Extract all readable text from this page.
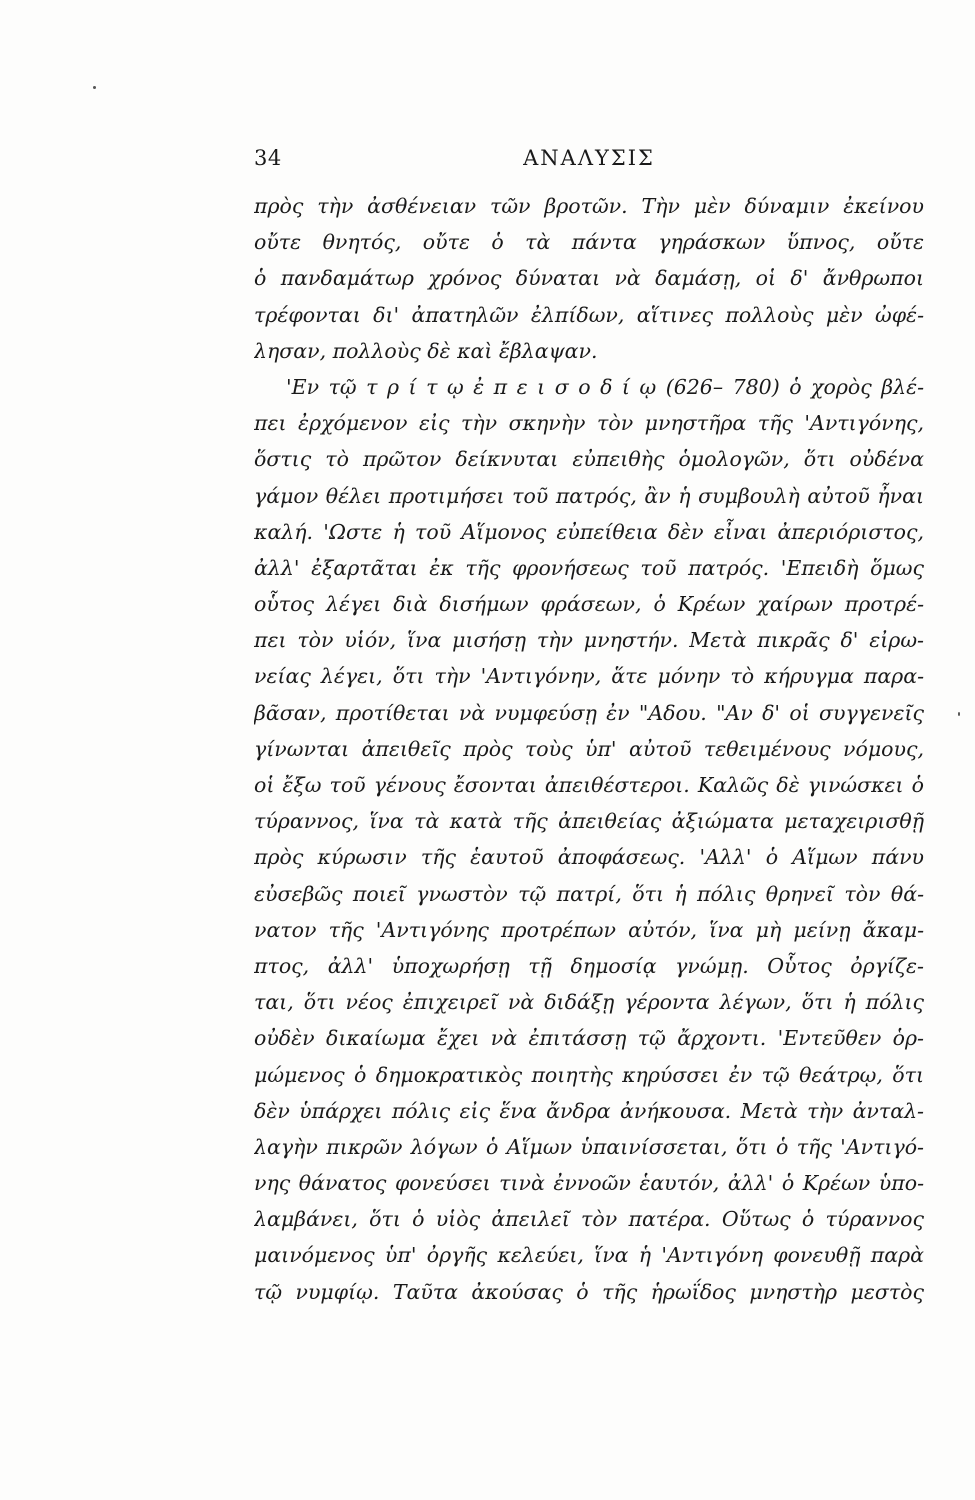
34	ΑΝΑΛΥΣΙΣ
πρὸς τὴν ἀσθένειαν τῶν βροτῶν. Τὴν μὲν δύναμιν ἐκείνου
οὔτε θνητός, οὔτε ὁ τὰ πάντα γηράσκων ὕπνος, οὔτε
ὁ πανδαμάτωρ χρόνος δύναται νὰ δαμάσῃ, οἱ δ' ἄνθρωποι
τρέφονται δι' ἀπατηλῶν ἐλπίδων, αἵτινες πολλοὺς μὲν ὠφέ-
λησαν, πολλοὺς δὲ καὶ ἔβλαψαν.
'Εν τῷ τ ρ ί τ ῳ ἐ π ε ι σ ο δ ί ῳ (626– 780) ὁ χορὸς βλέ-
πει ἐρχόμενον εἰς τὴν σκηνὴν τὸν μνηστῆρα τῆς 'Αντιγόνης,
ὅστις τὸ πρῶτον δείκνυται εὐπειθὴς ὁμολογῶν, ὅτι οὐδένα
γάμον θέλει προτιμήσει τοῦ πατρός, ἂν ἡ συμβουλὴ αὐτοῦ ἦναι
καλή. 'Ωστε ἡ τοῦ Αἵμονος εὐπείθεια δὲν εἶναι ἀπεριόριστος,
ἀλλ' ἐξαρτᾶται ἐκ τῆς φρονήσεως τοῦ πατρός. 'Επειδὴ ὅμως
οὗτος λέγει διὰ δισήμων φράσεων, ὁ Κρέων χαίρων προτρέ-
πει τὸν υἱόν, ἵνα μισήσῃ τὴν μνηστήν. Μετὰ πικρᾶς δ' εἰρω-
νείας λέγει, ὅτι τὴν 'Αντιγόνην, ἅτε μόνην τὸ κήρυγμα παρα-
βᾶσαν, προτίθεται νὰ νυμφεύσῃ ἐν "Αδου. "Αν δ' οἱ συγγενεῖς
γίνωνται ἀπειθεῖς πρὸς τοὺς ὑπ' αὐτοῦ τεθειμένους νόμους,
οἱ ἔξω τοῦ γένους ἔσονται ἀπειθέστεροι. Καλῶς δὲ γινώσκει ὁ
τύραννος, ἵνα τὰ κατὰ τῆς ἀπειθείας ἀξιώματα μεταχειρισθῇ
πρὸς κύρωσιν τῆς ἑαυτοῦ ἀποφάσεως. 'Αλλ' ὁ Αἵμων πάνυ
εὐσεβῶς ποιεῖ γνωστὸν τῷ πατρί, ὅτι ἡ πόλις θρηνεῖ τὸν θά-
νατον τῆς 'Αντιγόνης προτρέπων αὐτόν, ἵνα μὴ μείνῃ ἄκαμ-
πτος, ἀλλ' ὑποχωρήσῃ τῇ δημοσίᾳ γνώμῃ. Οὗτος ὀργίζε-
ται, ὅτι νέος ἐπιχειρεῖ νὰ διδάξῃ γέροντα λέγων, ὅτι ἡ πόλις
οὐδὲν δικαίωμα ἔχει νὰ ἐπιτάσσῃ τῷ ἄρχοντι. 'Εντεῦθεν ὁρ-
μώμενος ὁ δημοκρατικὸς ποιητὴς κηρύσσει ἐν τῷ θεάτρῳ, ὅτι
δὲν ὑπάρχει πόλις εἰς ἕνα ἄνδρα ἀνήκουσα. Μετὰ τὴν ἀνταλ-
λαγὴν πικρῶν λόγων ὁ Αἵμων ὑπαινίσσεται, ὅτι ὁ τῆς 'Αντιγό-
νης θάνατος φονεύσει τινὰ ἐννοῶν ἑαυτόν, ἀλλ' ὁ Κρέων ὑπο-
λαμβάνει, ὅτι ὁ υἱὸς ἀπειλεῖ τὸν πατέρα. Οὕτως ὁ τύραννος
μαινόμενος ὑπ' ὀργῆς κελεύει, ἵνα ἡ 'Αντιγόνη φονευθῇ παρὰ
τῷ νυμφίῳ. Ταῦτα ἀκούσας ὁ τῆς ἡρωΐδος μνηστὴρ μεστὸς
